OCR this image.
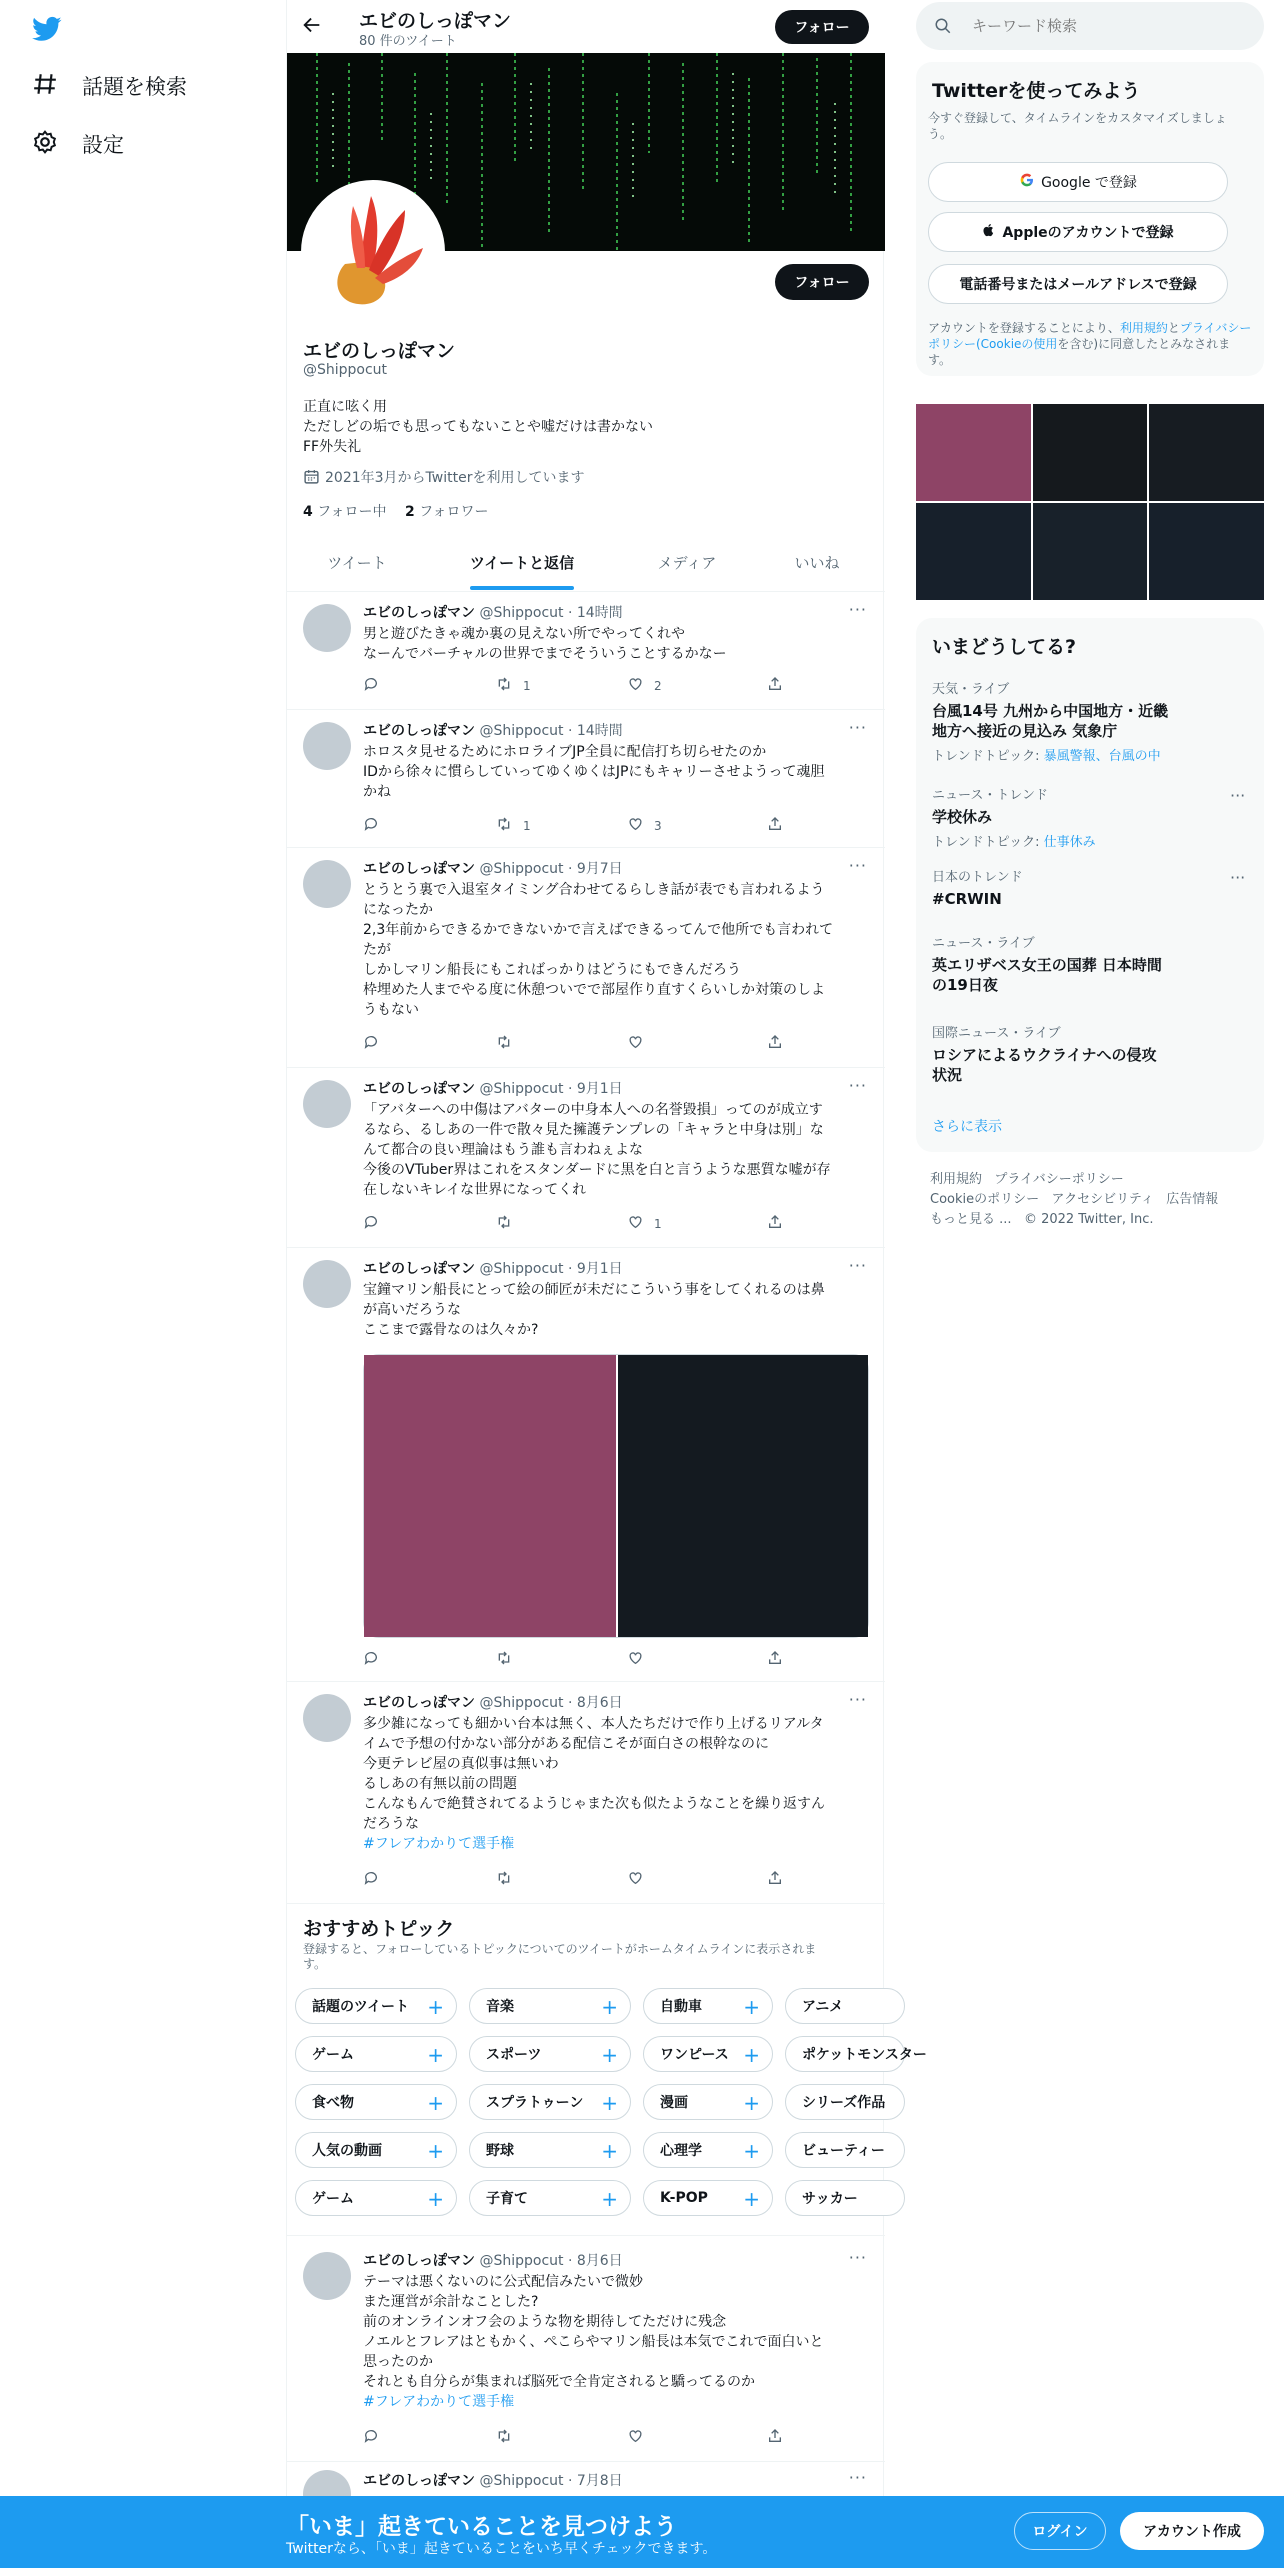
話題を検索
設定
エビのしっぽマン
80 件のツイート
フォロー
フォロー
エビのしっぽマン
@Shippocut
正直に呟く用
ただしどの垢でも思ってもないことや嘘だけは書かない
FF外失礼
2021年3月からTwitterを利用しています
4 フォロー中 2 フォロワー
ツイート	ツイートと返信	メディア	いいね
エビのしっぽマン @Shippocut · 14時間	···
男と遊びたきゃ魂か裏の見えない所でやってくれや
なーんでバーチャルの世界でまでそういうことするかなー
1	2
エビのしっぽマン @Shippocut · 14時間	···
ホロスタ見せるためにホロライブJP全員に配信打ち切らせたのか
IDから徐々に慣らしていってゆくゆくはJPにもキャリーさせようって魂胆
かね
1	3
エビのしっぽマン @Shippocut · 9月7日	···
とうとう裏で入退室タイミング合わせてるらしき話が表でも言われるよう
になったか
2,3年前からできるかできないかで言えばできるってんで他所でも言われて
たが
しかしマリン船長にもこればっかりはどうにもできんだろう
枠埋めた人までやる度に休憩ついでで部屋作り直すくらいしか対策のしよ
うもない
エビのしっぽマン @Shippocut · 9月1日	···
「アバターへの中傷はアバターの中身本人への名誉毀損」ってのが成立す
るなら、るしあの一件で散々見た擁護テンプレの「キャラと中身は別」な
んて都合の良い理論はもう誰も言わねぇよな
今後のVTuber界はこれをスタンダードに黒を白と言うような悪質な嘘が存
在しないキレイな世界になってくれ
1
エビのしっぽマン @Shippocut · 9月1日	···
宝鐘マリン船長にとって絵の師匠が未だにこういう事をしてくれるのは鼻
が高いだろうな
ここまで露骨なのは久々か?
エビのしっぽマン @Shippocut · 8月6日	···
多少雑になっても細かい台本は無く、本人たちだけで作り上げるリアルタ
イムで予想の付かない部分がある配信こそが面白さの根幹なのに
今更テレビ屋の真似事は無いわ
るしあの有無以前の問題
こんなもんで絶賛されてるようじゃまた次も似たようなことを繰り返すん
だろうな
#フレアわかりて選手権
おすすめトピック
登録すると、フォローしているトピックについてのツイートがホームタイムラインに表示されま
す。
話題のツイート +	音楽	+	自動車 +	アニメ
ゲーム	+	スポーツ	+	ワンピース +	ポケットモンスター
食べ物	+	スプラトゥーン +	漫画	+	シリーズ作品
人気の動画 +	野球	+	心理学 +	ビューティー
ゲーム	+	子育て	+	K-POP +	サッカー
エビのしっぽマン @Shippocut · 8月6日	···
テーマは悪くないのに公式配信みたいで微妙
また運営が余計なことした?
前のオンラインオフ会のような物を期待してただけに残念
ノエルとフレアはともかく、ぺこらやマリン船長は本気でこれで面白いと
思ったのか
それとも自分らが集まれば脳死で全肯定されると驕ってるのか
#フレアわかりて選手権
エビのしっぽマン @Shippocut · 7月8日	···
キーワード検索
Twitterを使ってみよう
今すぐ登録して、タイムラインをカスタマイズしましょう。
Google で登録
Appleのアカウントで登録
電話番号またはメールアドレスで登録
アカウントを登録することにより、利用規約とプライバシーポリシー(Cookieの使用を含む)に同意したとみなされます。
いまどうしてる?
天気・ライブ
台風14号 九州から中国地方・近畿
地方へ接近の見込み 気象庁
トレンドトピック: 暴風警報、台風の中
ニュース・トレンド
学校休み
トレンドトピック: 仕事休み
···
日本のトレンド
#CRWIN
···
ニュース・ライブ
英エリザベス女王の国葬 日本時間
の19日夜
国際ニュース・ライブ
ロシアによるウクライナへの侵攻
状況
さらに表示
利用規約 プライバシーポリシー
Cookieのポリシー アクセシビリティ 広告情報
もっと見る ... © 2022 Twitter, Inc.
「いま」起きていることを見つけよう
Twitterなら、「いま」起きていることをいち早くチェックできます。
ログイン	アカウント作成
